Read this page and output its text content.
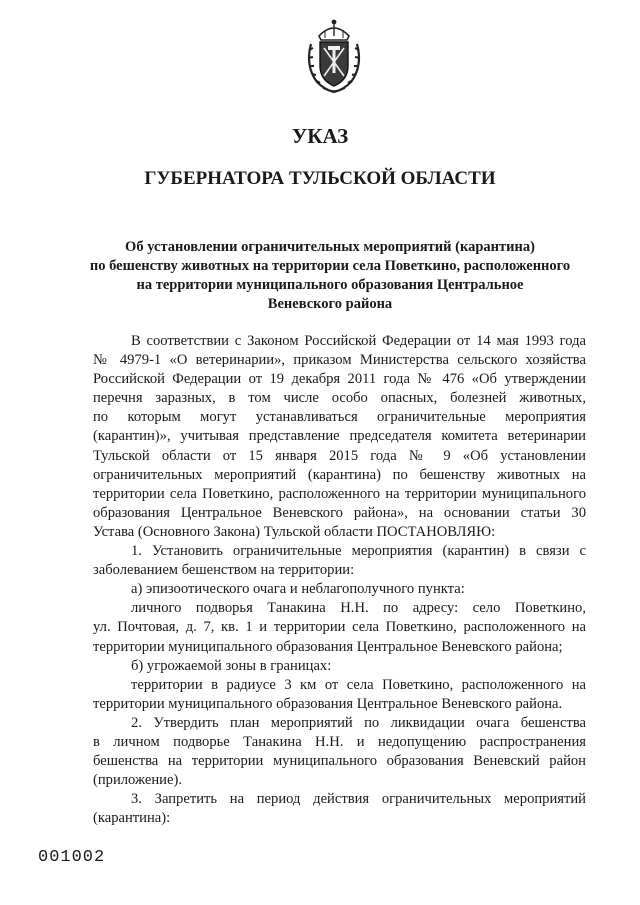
УКАЗ
ГУБЕРНАТОРА ТУЛЬСКОЙ ОБЛАСТИ
Об установлении ограничительных мероприятий (карантина)
по бешенству животных на территории села Поветкино, расположенного
на территории муниципального образования Центральное
Веневского района
В соответствии с Законом Российской Федерации от 14 мая 1993 года
№ 4979-1 «О ветеринарии», приказом Министерства сельского хозяйства
Российской Федерации от 19 декабря 2011 года № 476 «Об утверждении
перечня заразных, в том числе особо опасных, болезней животных,
по которым могут устанавливаться ограничительные мероприятия
(карантин)», учитывая представление председателя комитета ветеринарии
Тульской области от 15 января 2015 года № 9 «Об установлении
ограничительных мероприятий (карантина) по бешенству животных на
территории села Поветкино, расположенного на территории муниципального
образования Центральное Веневского района», на основании статьи 30
Устава (Основного Закона) Тульской области ПОСТАНОВЛЯЮ:
1. Установить ограничительные мероприятия (карантин) в связи с
заболеванием бешенством на территории:
а) эпизоотического очага и неблагополучного пункта:
личного подворья Танакина Н.Н. по адресу: село Поветкино,
ул. Почтовая, д. 7, кв. 1 и территории села Поветкино, расположенного на
территории муниципального образования Центральное Веневского района;
б) угрожаемой зоны в границах:
территории в радиусе 3 км от села Поветкино, расположенного на
территории муниципального образования Центральное Веневского района.
2. Утвердить план мероприятий по ликвидации очага бешенства
в личном подворье Танакина Н.Н. и недопущению распространения
бешенства на территории муниципального образования Веневский район
(приложение).
3. Запретить на период действия ограничительных мероприятий
(карантина):
001002
